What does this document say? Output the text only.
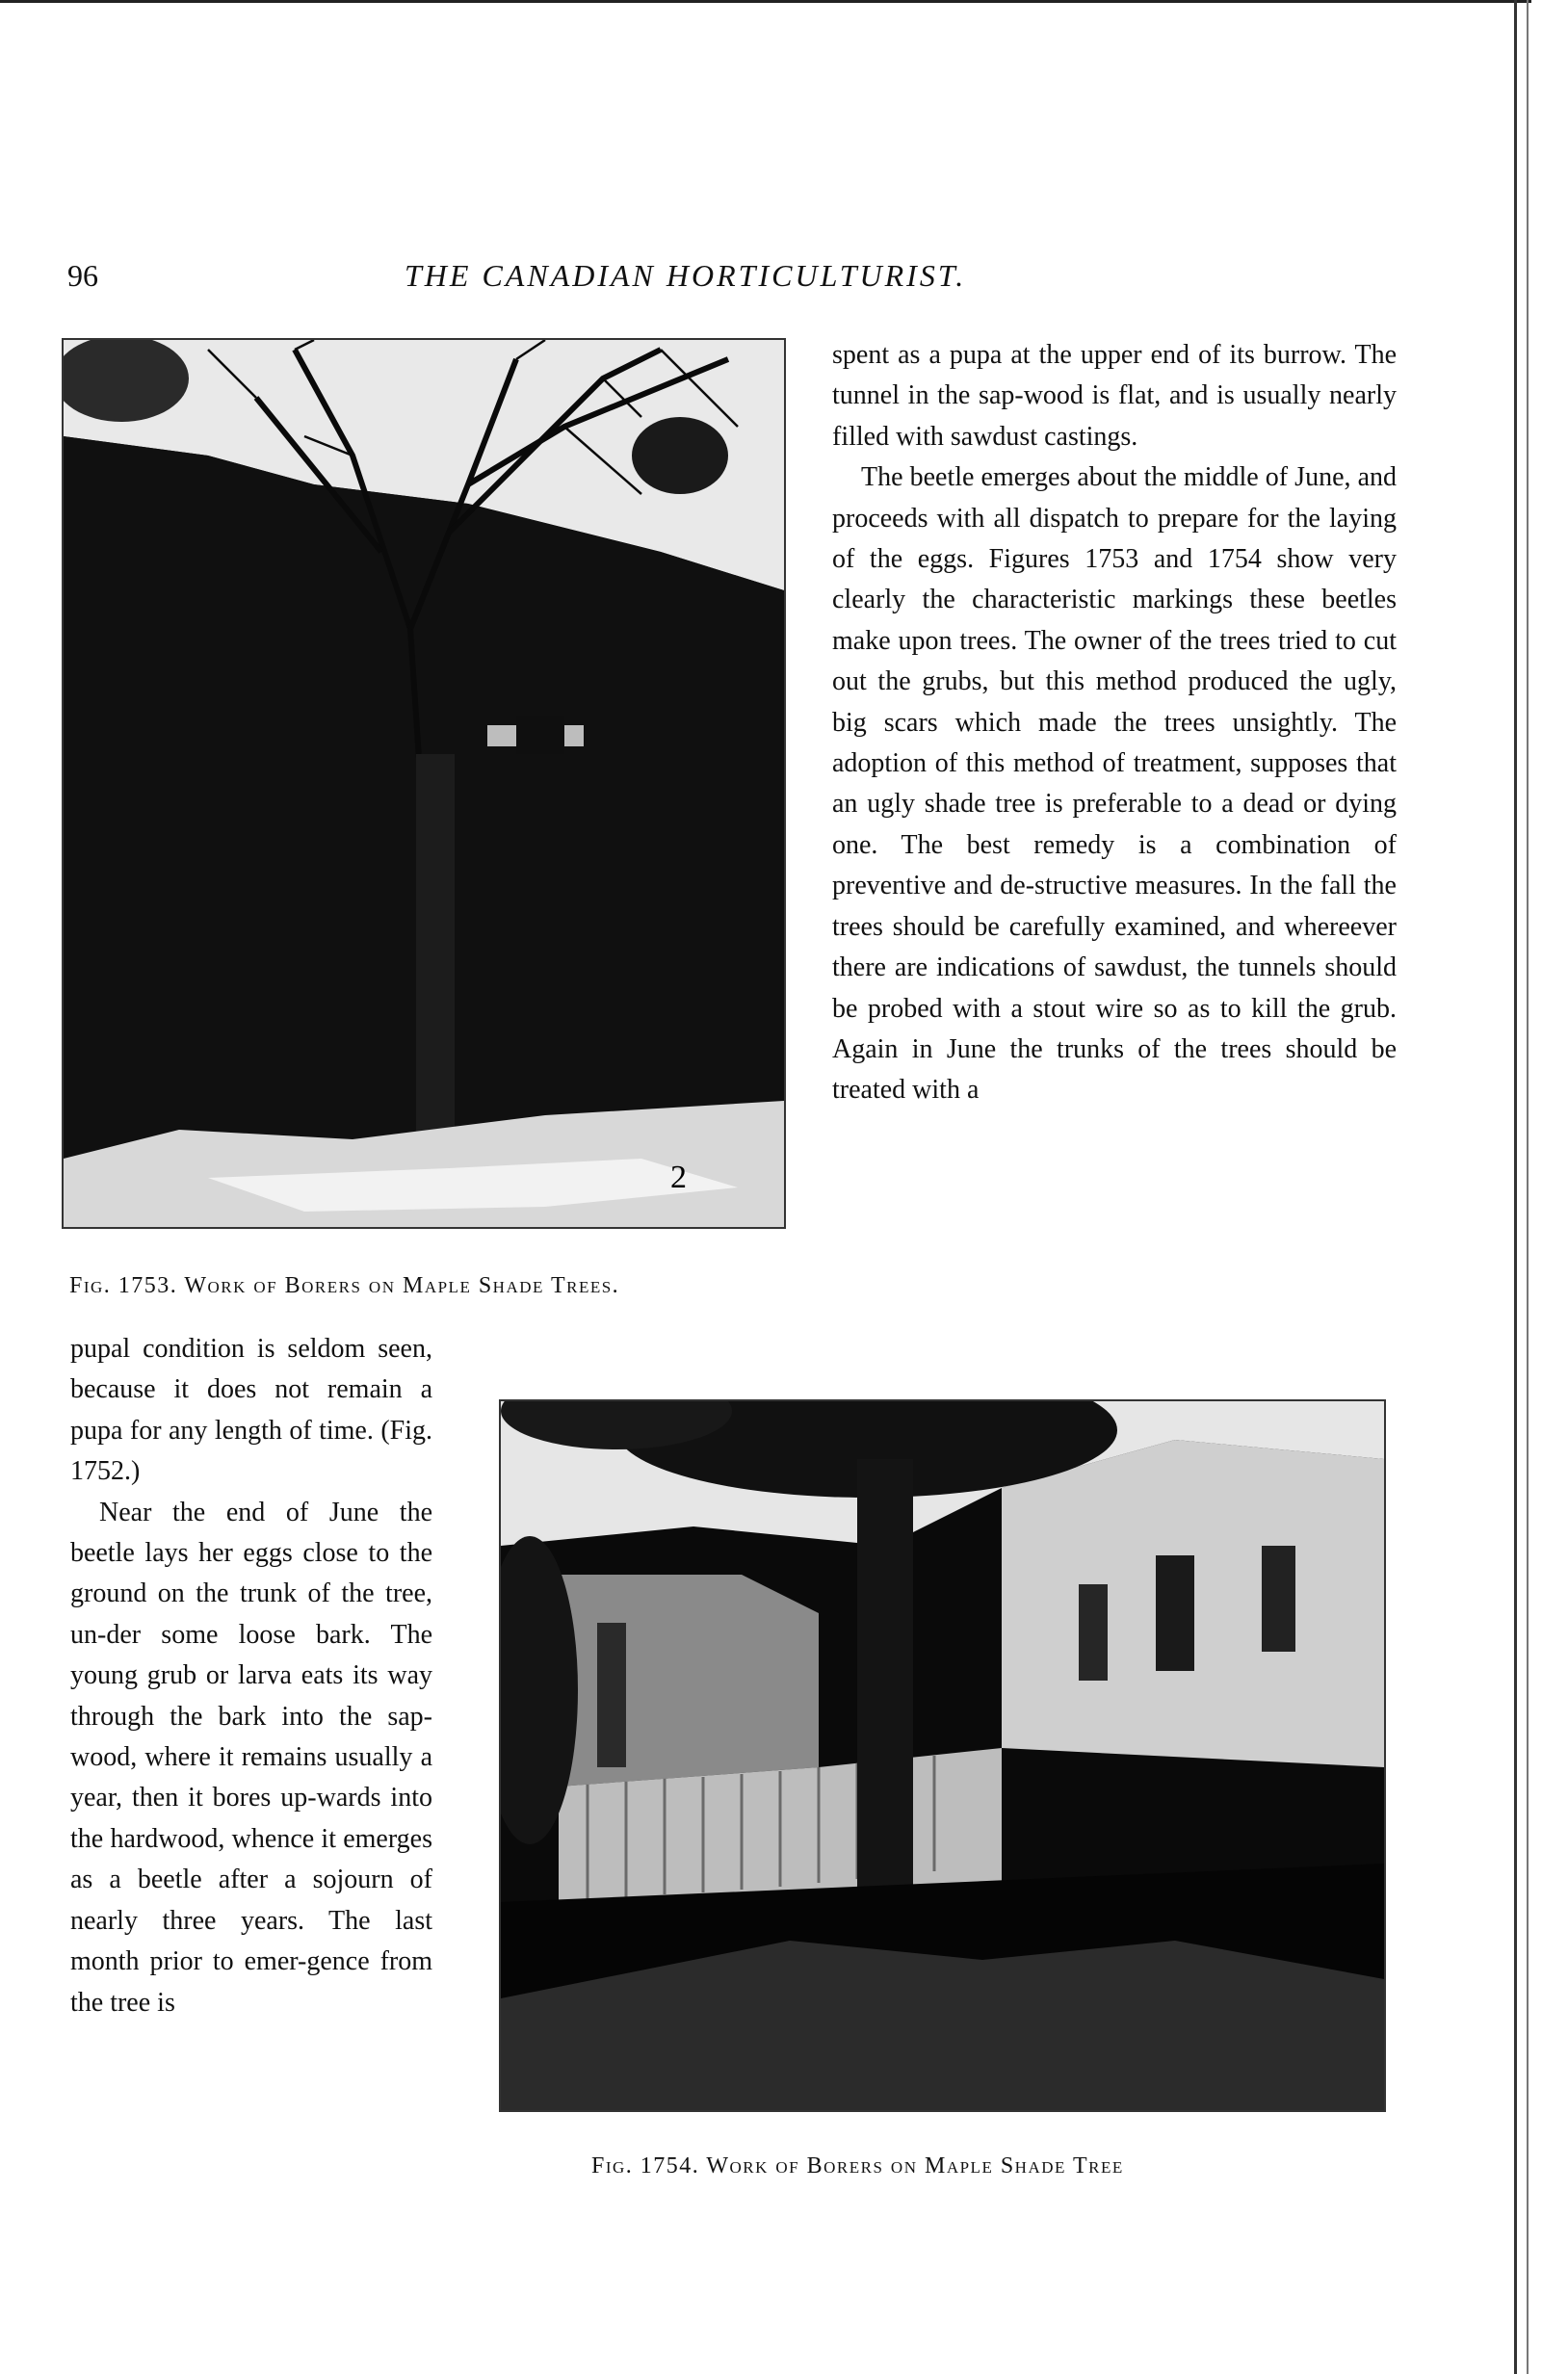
96	THE CANADIAN HORTICULTURIST.
2
Fig. 1753. Work of Borers on Maple Shade Trees.

spent as a pupa at the upper end of its burrow. The tunnel in the sap-wood is flat, and is usually nearly filled with sawdust castings.

The beetle emerges about the middle of June, and proceeds with all dispatch to prepare for the laying of the eggs. Figures 1753 and 1754 show very clearly the characteristic markings these beetles make upon trees. The owner of the trees tried to cut out the grubs, but this method produced the ugly, big scars which made the trees unsightly. The adoption of this method of treatment, supposes that an ugly shade tree is preferable to a dead or dying one. The best remedy is a combination of preventive and de-structive measures. In the fall the trees should be carefully examined, and whereever there are indications of sawdust, the tunnels should be probed with a stout wire so as to kill the grub. Again in June the trunks of the trees should be treated with a

pupal condition is seldom seen, because it does not remain a pupa for any length of time. (Fig. 1752.)

Near the end of June the beetle lays her eggs close to the ground on the trunk of the tree, un-der some loose bark. The young grub or larva eats its way through the bark into the sap-wood, where it remains usually a year, then it bores up-wards into the hardwood, whence it emerges as a beetle after a sojourn of nearly three years. The last month prior to emer-gence from the tree is

Fig. 1754. Work of Borers on Maple Shade Tree
